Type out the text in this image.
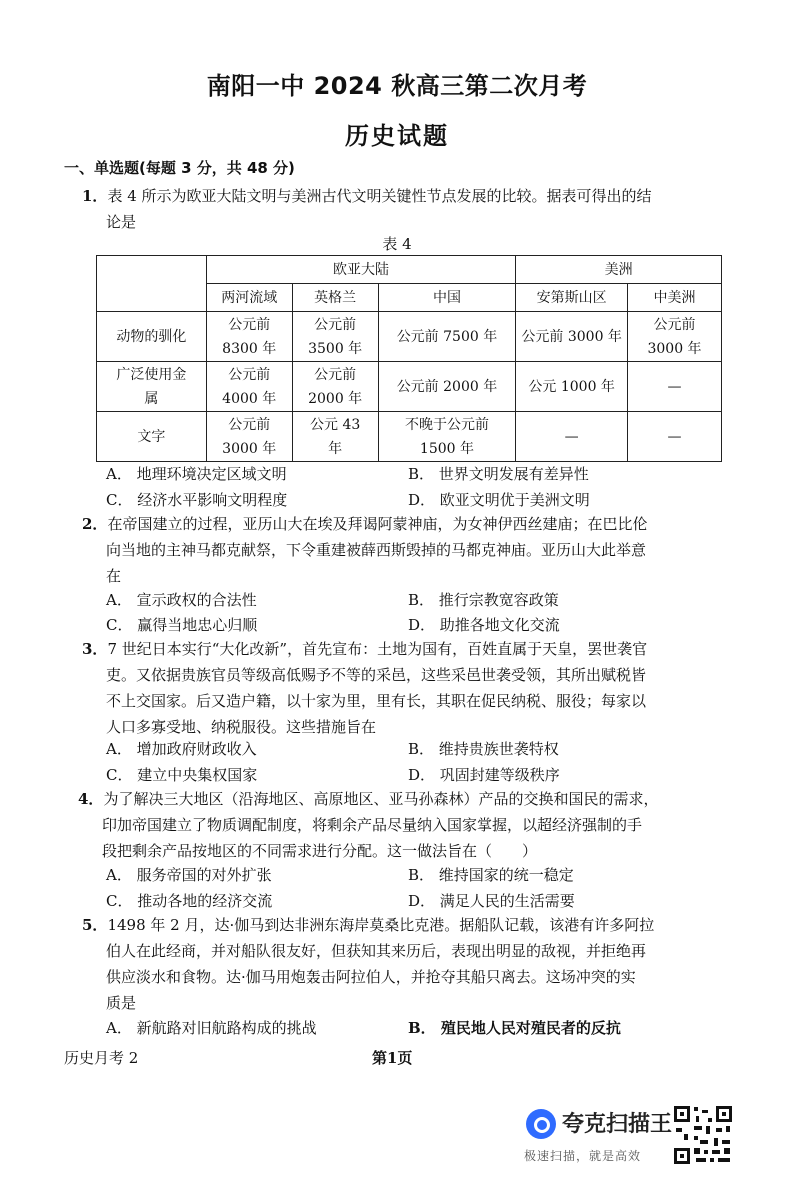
南阳一中 2024 秋高三第二次月考
历史试题
一、单选题(每题 3 分，共 48 分)
1．表 4 所示为欧亚大陆文明与美洲古代文明关键性节点发展的比较。据表可得出的结
论是
表 4
	欧亚大陆			美洲	
	两河流域	英格兰	中国	安第斯山区	中美洲
动物的驯化	公元前 8300 年	公元前 3500 年	公元前 7500 年	公元前 3000 年	公元前 3000 年
广泛使用金属	公元前 4000 年	公元前 2000 年	公元前 2000 年	公元 1000 年	—
文字	公元前 3000 年	公元 43 年	不晚于公元前 1500 年	—	—
A． 地理环境决定区域文明	B． 世界文明发展有差异性
C． 经济水平影响文明程度	D． 欧亚文明优于美洲文明
2．在帝国建立的过程，亚历山大在埃及拜谒阿蒙神庙，为女神伊西丝建庙；在巴比伦
向当地的主神马都克献祭，下令重建被薛西斯毁掉的马都克神庙。亚历山大此举意
在
A． 宣示政权的合法性	B． 推行宗教宽容政策
C． 赢得当地忠心归顺	D． 助推各地文化交流
3．7 世纪日本实行“大化改新”，首先宣布：土地为国有，百姓直属于天皇，罢世袭官
吏。又依据贵族官员等级高低赐予不等的采邑，这些采邑世袭受领，其所出赋税皆
不上交国家。后又造户籍，以十家为里，里有长，其职在促民纳税、服役；每家以
人口多寡受地、纳税服役。这些措施旨在
A． 增加政府财政收入	B． 维持贵族世袭特权
C． 建立中央集权国家	D． 巩固封建等级秩序
4．为了解决三大地区（沿海地区、高原地区、亚马孙森林）产品的交换和国民的需求，
印加帝国建立了物质调配制度，将剩余产品尽量纳入国家掌握，以超经济强制的手
段把剩余产品按地区的不同需求进行分配。这一做法旨在（　　）
A． 服务帝国的对外扩张	B． 维持国家的统一稳定
C． 推动各地的经济交流	D． 满足人民的生活需要
5．1498 年 2 月，达·伽马到达非洲东海岸莫桑比克港。据船队记载，该港有许多阿拉
伯人在此经商，并对船队很友好，但获知其来历后，表现出明显的敌视，并拒绝再
供应淡水和食物。达·伽马用炮轰击阿拉伯人，并抢夺其船只离去。这场冲突的实
质是
A． 新航路对旧航路构成的挑战	B． 殖民地人民对殖民者的反抗
历史月考 2	第1页
夸克扫描王
极速扫描，就是高效
